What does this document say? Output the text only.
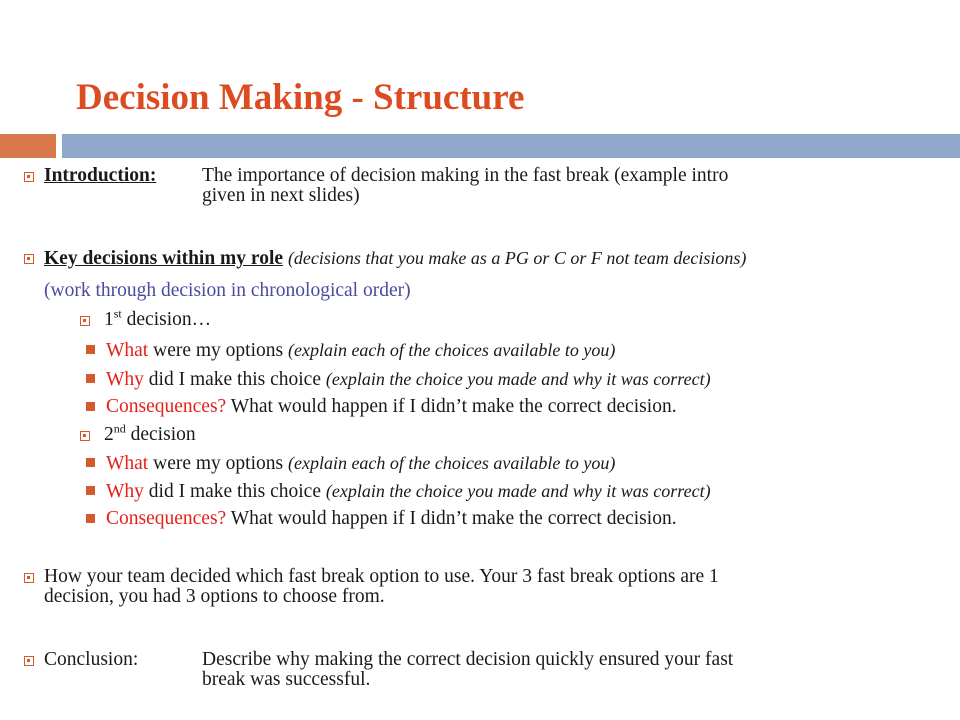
Decision Making - Structure
Introduction: The importance of decision making in the fast break (example intro
given in next slides)
Key decisions within my role (decisions that you make as a PG or C or F not team decisions)
(work through decision in chronological order)
1st decision…
What were my options (explain each of the choices available to you)
Why did I make this choice (explain the choice you made and why it was correct)
Consequences? What would happen if I didn’t make the correct decision.
2nd decision
What were my options (explain each of the choices available to you)
Why did I make this choice (explain the choice you made and why it was correct)
Consequences? What would happen if I didn’t make the correct decision.
How your team decided which fast break option to use. Your 3 fast break options are 1
decision, you had 3 options to choose from.
Conclusion:	Describe why making the correct decision quickly ensured your fast
break was successful.
